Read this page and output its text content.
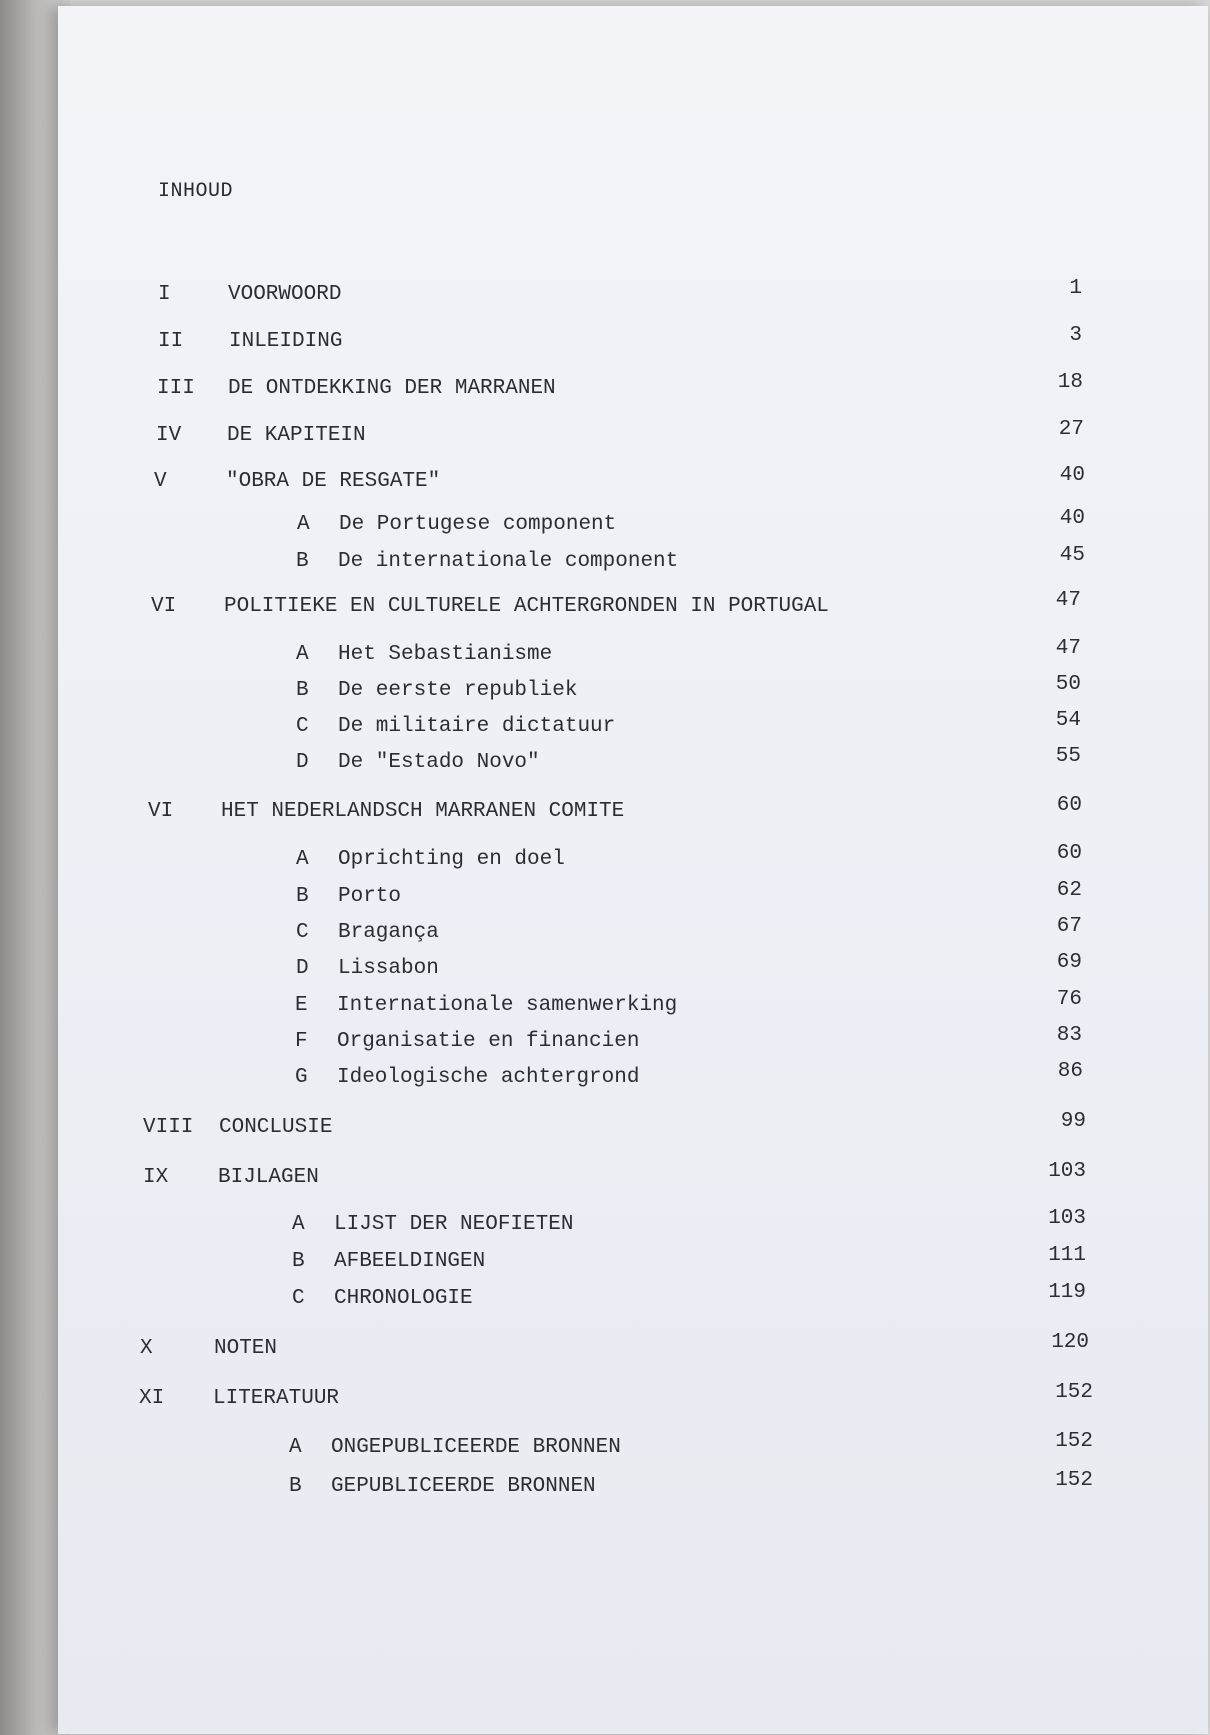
INHOUD
I	VOORWOORD	1
II INLEIDING	3
III DE ONTDEKKING DER MARRANEN	18
IV DE KAPITEIN	27
V	"OBRA DE RESGATE"	40
A De Portugese component	40
B De internationale component	45
VI POLITIEKE EN CULTURELE ACHTERGRONDEN IN PORTUGAL	47
A Het Sebastianisme	47
B De eerste republiek	50
C De militaire dictatuur	54
D De "Estado Novo"	55
VI HET NEDERLANDSCH MARRANEN COMITE	60
A Oprichting en doel	60
B Porto	62
C Bragança	67
D Lissabon	69
E Internationale samenwerking	76
F Organisatie en financien	83
G Ideologische achtergrond	86
VIII CONCLUSIE	99
IX BIJLAGEN	103
A LIJST DER NEOFIETEN	103
B AFBEELDINGEN	111
C CHRONOLOGIE	119
X	NOTEN	120
XI LITERATUUR	152
A ONGEPUBLICEERDE BRONNEN	152
B GEPUBLICEERDE BRONNEN	152
